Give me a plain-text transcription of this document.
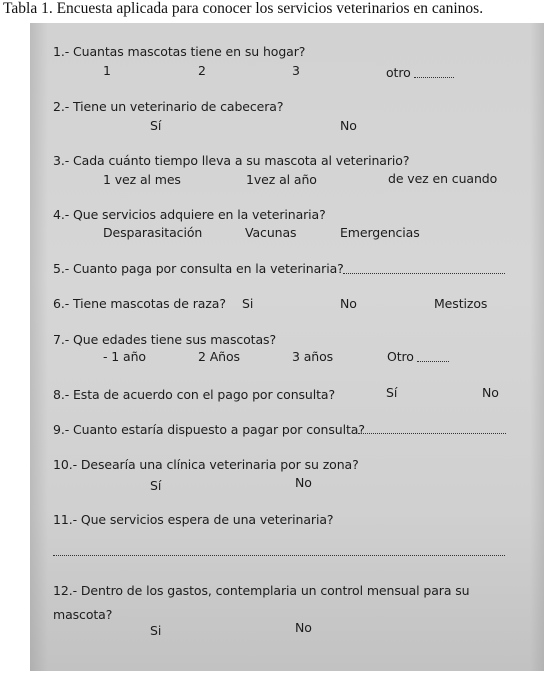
Tabla 1. Encuesta aplicada para conocer los servicios veterinarios en caninos.
1.- Cuantas mascotas tiene en su hogar?
1	2	3	otro
2.- Tiene un veterinario de cabecera?
Sí	No
3.- Cada cuánto tiempo lleva a su mascota al veterinario?
1 vez al mes	1vez al año	de vez en cuando
4.- Que servicios adquiere en la veterinaria?
Desparasitación	Vacunas	Emergencias
5.- Cuanto paga por consulta en la veterinaria?
6.- Tiene mascotas de raza? Si	No	Mestizos
7.- Que edades tiene sus mascotas?
- 1 año	2 Años	3 años	Otro
8.- Esta de acuerdo con el pago por consulta?	Sí	No
9.- Cuanto estaría dispuesto a pagar por consulta?
10.- Desearía una clínica veterinaria por su zona?
Sí	No
11.- Que servicios espera de una veterinaria?
12.- Dentro de los gastos, contemplaria un control mensual para su
mascota?
Si	No
